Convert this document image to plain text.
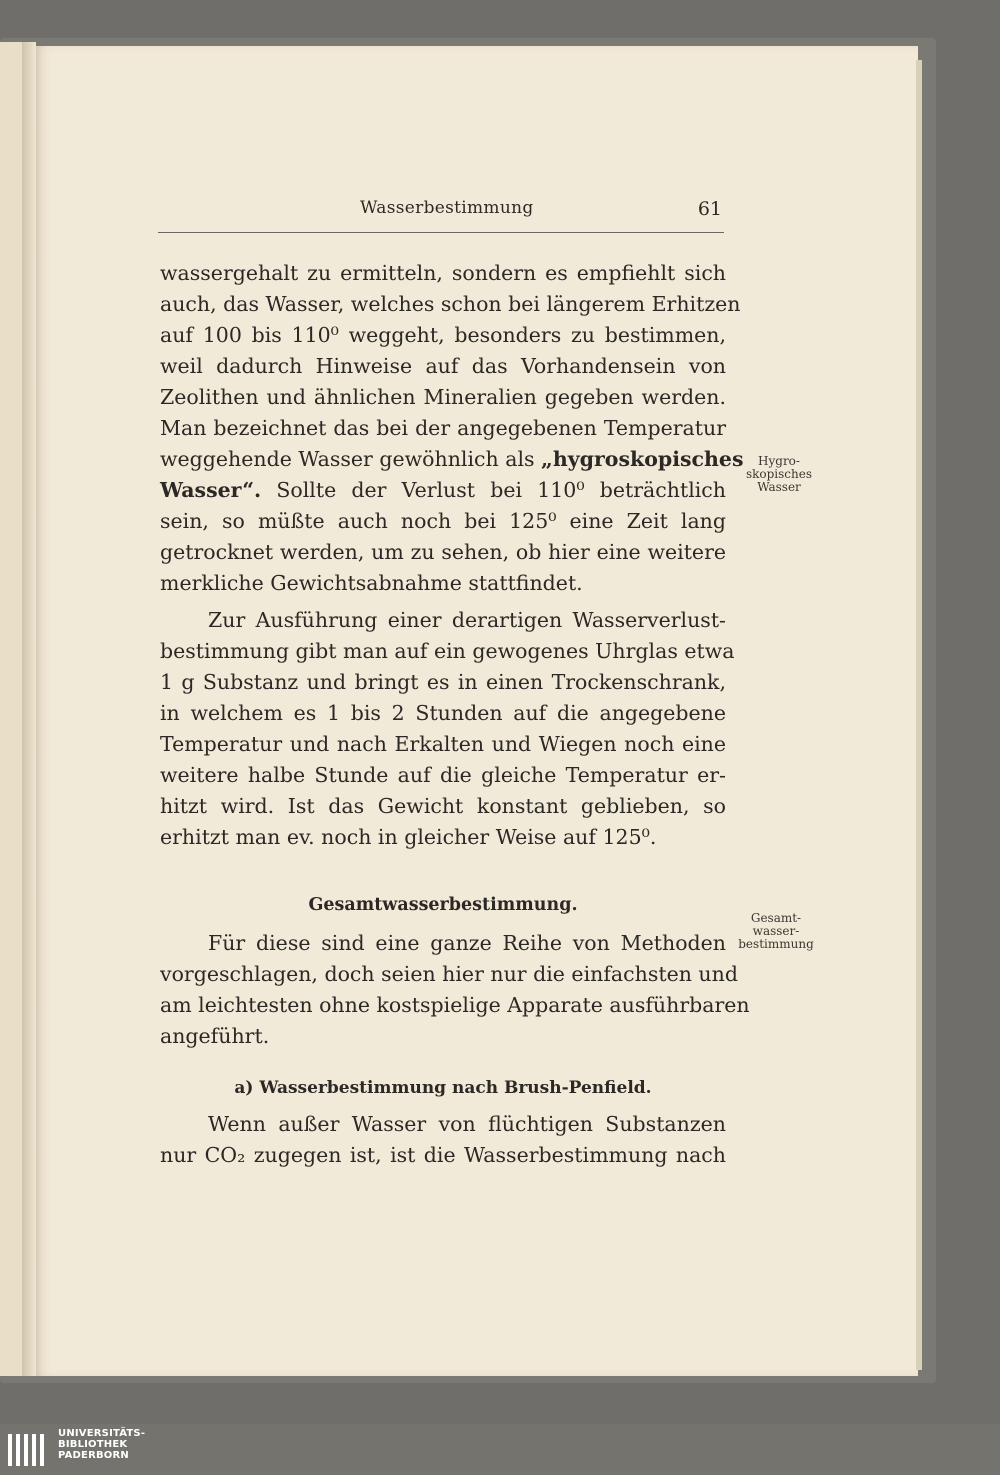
Wasserbestimmung	61
wassergehalt zu ermitteln, sondern es empfiehlt sich
auch, das Wasser, welches schon bei längerem Erhitzen
auf 100 bis 110⁰ weggeht, besonders zu bestimmen,
weil dadurch Hinweise auf das Vorhandensein von
Zeolithen und ähnlichen Mineralien gegeben werden.
Man bezeichnet das bei der angegebenen Temperatur
weggehende Wasser gewöhnlich als „hygroskopisches
Wasser“. Sollte der Verlust bei 110⁰ beträchtlich
sein, so müßte auch noch bei 125⁰ eine Zeit lang
getrocknet werden, um zu sehen, ob hier eine weitere
merkliche Gewichtsabnahme stattfindet.
Zur Ausführung einer derartigen Wasserverlust-
bestimmung gibt man auf ein gewogenes Uhrglas etwa
1 g Substanz und bringt es in einen Trockenschrank,
in welchem es 1 bis 2 Stunden auf die angegebene
Temperatur und nach Erkalten und Wiegen noch eine
weitere halbe Stunde auf die gleiche Temperatur er-
hitzt wird. Ist das Gewicht konstant geblieben, so
erhitzt man ev. noch in gleicher Weise auf 125⁰.
Gesamtwasserbestimmung.
Für diese sind eine ganze Reihe von Methoden
vorgeschlagen, doch seien hier nur die einfachsten und
am leichtesten ohne kostspielige Apparate ausführbaren
angeführt.
a) Wasserbestimmung nach Brush-Penfield.
Wenn außer Wasser von flüchtigen Substanzen
nur CO₂ zugegen ist, ist die Wasserbestimmung nach
Hygro-
skopisches
Wasser
Gesamt-
wasser-
bestimmung
UNIVERSITÄTS-
BIBLIOTHEK
PADERBORN
